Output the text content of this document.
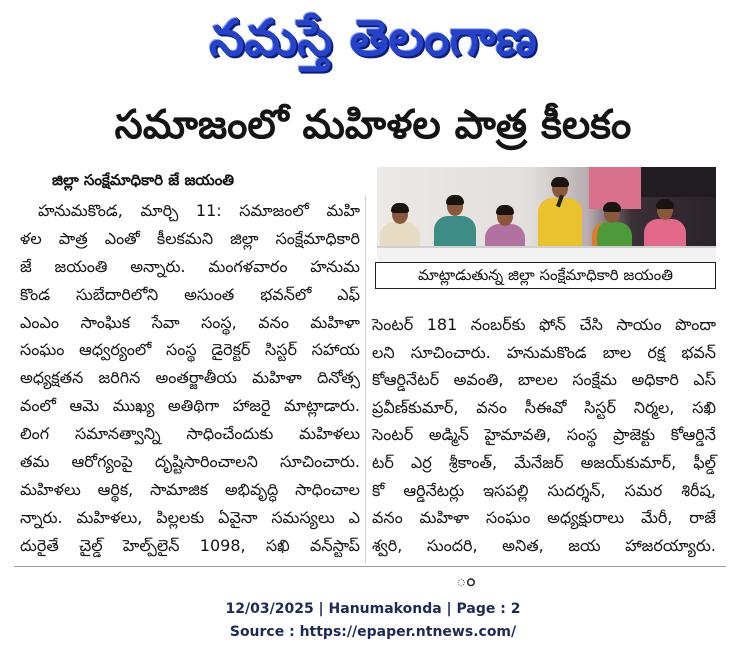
నమస్తే తెలంగాణ
సమాజంలో మహిళల పాత్ర కీలకం
జిల్లా సంక్షేమాధికారి జే జయంతి
మాట్లాడుతున్న జిల్లా సంక్షేమాధికారి జయంతి
హనుమకొండ, మార్చి 11: సమాజంలో మహి
ళల పాత్ర ఎంతో కీలకమని జిల్లా సంక్షేమాధికారి
జే జయంతి అన్నారు. మంగళవారం హనుమ
కొండ సుబేదారిలోని అసుంత భవన్‌లో ఎఫ్
ఎంఎం సాంఘిక సేవా సంస్థ, వనం మహిళా
సంఘం ఆధ్వర్యంలో సంస్థ డైరెక్టర్ సిస్టర్ సహాయ
అధ్యక్షతన జరిగిన అంతర్జాతీయ మహిళా దినోత్స
వంలో ఆమె ముఖ్య అతిథిగా హాజరై మాట్లాడారు.
లింగ సమానత్వాన్ని సాధించేందుకు మహిళలు
తమ ఆరోగ్యంపై దృష్టిసారించాలని సూచించారు.
మహిళలు ఆర్థిక, సామాజిక అభివృద్ధి సాధించాల
న్నారు. మహిళలు, పిల్లలకు ఏవైనా సమస్యలు ఎ
దురైతే చైల్డ్ హెల్ప్‌లైన్ 1098, సఖి వన్‌స్టాప్
సెంటర్ 181 నంబర్‌కు ఫోన్ చేసి సాయం పొందా
లని సూచించారు. హనుమకొండ బాల రక్ష భవన్
కోఆర్డినేటర్ అవంతి, బాలల సంక్షేమ అధికారి ఎస్
ప్రవీణ్‌కుమార్, వనం సీఈవో సిస్టర్ నిర్మల, సఖి
సెంటర్ అడ్మిన్ హైమావతి, సంస్థ ప్రాజెక్టు కోఆర్డినే
టర్ ఎర్ర శ్రీకాంత్, మేనేజర్ అజయ్‌కుమార్, ఫీల్డ్
కో ఆర్డినేటర్లు ఇసపల్లి సుదర్శన్, సమర శిరీష,
వనం మహిళా సంఘం అధ్యక్షురాలు మేరీ, రాజే
శ్వరి, సుందరి, అనిత, జయ హాజరయ్యారు.
ం
12/03/2025 | Hanumakonda | Page : 2
Source : https://epaper.ntnews.com/
